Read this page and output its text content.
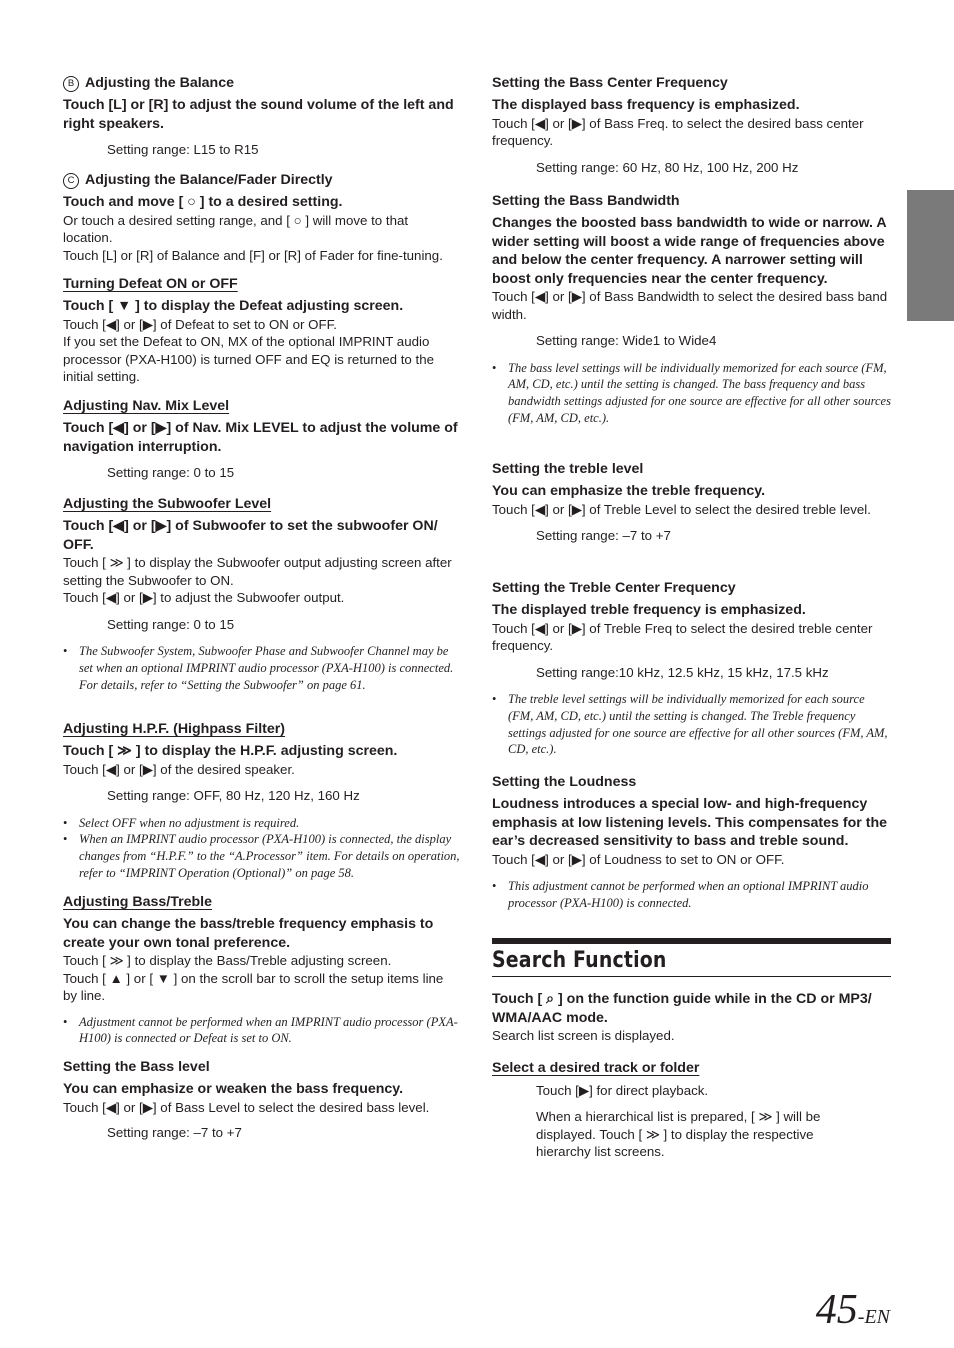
B Adjusting the Balance

Touch [L] or [R] to adjust the sound volume of the left and right speakers.

Setting range: L15 to R15

C Adjusting the Balance/Fader Directly

Touch and move [ ○ ] to a desired setting.

Or touch a desired setting range, and [ ○ ] will move to that location.

Touch [L] or [R] of Balance and [F] or [R] of Fader for fine-tuning.

Turning Defeat ON or OFF

Touch [ ▼ ] to display the Defeat adjusting screen.

Touch [◀] or [▶] of Defeat to set to ON or OFF.

If you set the Defeat to ON, MX of the optional IMPRINT audio processor (PXA-H100) is turned OFF and EQ is returned to the initial setting.

Adjusting Nav. Mix Level

Touch [◀] or [▶] of Nav. Mix LEVEL to adjust the volume of navigation interruption.

Setting range: 0 to 15

Adjusting the Subwoofer Level

Touch [◀] or [▶] of Subwoofer to set the subwoofer ON/ OFF.

Touch [ ≫ ] to display the Subwoofer output adjusting screen after setting the Subwoofer to ON.

Touch [◀] or [▶] to adjust the Subwoofer output.

Setting range: 0 to 15

• The Subwoofer System, Subwoofer Phase and Subwoofer Channel may be set when an optional IMPRINT audio processor (PXA-H100) is connected. For details, refer to “Setting the Subwoofer” on page 61.

Adjusting H.P.F. (Highpass Filter)

Touch [ ≫ ] to display the H.P.F. adjusting screen.

Touch [◀] or [▶] of the desired speaker.

Setting range: OFF, 80 Hz, 120 Hz, 160 Hz

• Select OFF when no adjustment is required.

• When an IMPRINT audio processor (PXA-H100) is connected, the display changes from “H.P.F.” to the “A.Processor” item. For details on operation, refer to “IMPRINT Operation (Optional)” on page 58.

Adjusting Bass/Treble

You can change the bass/treble frequency emphasis to create your own tonal preference.

Touch [ ≫ ] to display the Bass/Treble adjusting screen.

Touch [ ▲ ] or [ ▼ ] on the scroll bar to scroll the setup items line by line.

• Adjustment cannot be performed when an IMPRINT audio processor (PXA-H100) is connected or Defeat is set to ON.

Setting the Bass level

You can emphasize or weaken the bass frequency.

Touch [◀] or [▶] of Bass Level to select the desired bass level.

Setting range: –7 to +7

Setting the Bass Center Frequency

The displayed bass frequency is emphasized.

Touch [◀] or [▶] of Bass Freq. to select the desired bass center frequency.

Setting range: 60 Hz, 80 Hz, 100 Hz, 200 Hz

Setting the Bass Bandwidth

Changes the boosted bass bandwidth to wide or narrow. A wider setting will boost a wide range of frequencies above and below the center frequency. A narrower setting will boost only frequencies near the center frequency.

Touch [◀] or [▶] of Bass Bandwidth to select the desired bass band width.

Setting range: Wide1 to Wide4

• The bass level settings will be individually memorized for each source (FM, AM, CD, etc.) until the setting is changed. The bass frequency and bass bandwidth settings adjusted for one source are effective for all other sources (FM, AM, CD, etc.).

Setting the treble level

You can emphasize the treble frequency.

Touch [◀] or [▶] of Treble Level to select the desired treble level.

Setting range: –7 to +7

Setting the Treble Center Frequency

The displayed treble frequency is emphasized.

Touch [◀] or [▶] of Treble Freq to select the desired treble center frequency.

Setting range:10 kHz, 12.5 kHz, 15 kHz, 17.5 kHz

• The treble level settings will be individually memorized for each source (FM, AM, CD, etc.) until the setting is changed. The Treble frequency settings adjusted for one source are effective for all other sources (FM, AM, CD, etc.).

Setting the Loudness

Loudness introduces a special low- and high-frequency emphasis at low listening levels. This compensates for the ear’s decreased sensitivity to bass and treble sound.

Touch [◀] or [▶] of Loudness to set to ON or OFF.

• This adjustment cannot be performed when an optional IMPRINT audio processor (PXA-H100) is connected.

Search Function

Touch [ ⌕ ] on the function guide while in the CD or MP3/ WMA/AAC mode.

Search list screen is displayed.

Select a desired track or folder

Touch [▶] for direct playback.

When a hierarchical list is prepared, [ ≫ ] will be displayed. Touch [ ≫ ] to display the respective hierarchy list screens.

45-EN
